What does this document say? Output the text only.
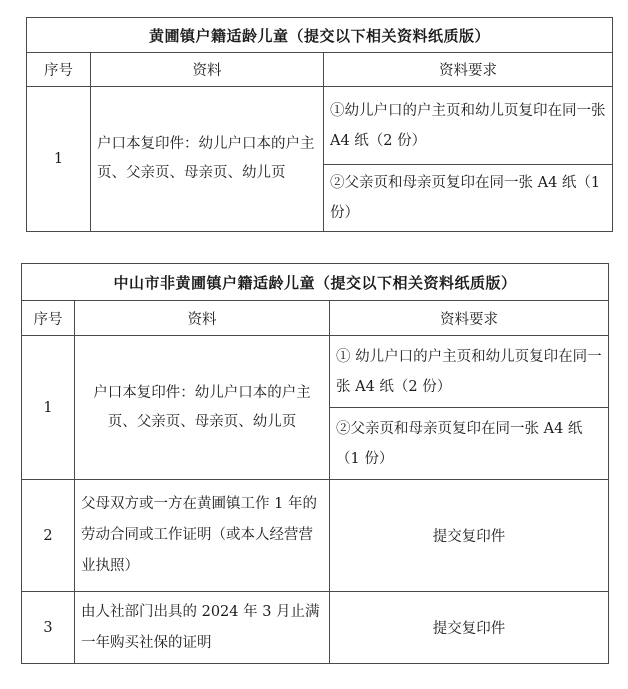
黄圃镇户籍适龄儿童（提交以下相关资料纸质版）		
序号	资料	资料要求
1	户口本复印件：幼儿户口本的户主页、父亲页、母亲页、幼儿页	①幼儿户口的户主页和幼儿页复印在同一张 A4 纸（2 份）
		②父亲页和母亲页复印在同一张 A4 纸（1 份）
中山市非黄圃镇户籍适龄儿童（提交以下相关资料纸质版）		
序号	资料	资料要求
1	户口本复印件：幼儿户口本的户主页、父亲页、母亲页、幼儿页	① 幼儿户口的户主页和幼儿页复印在同一张 A4 纸（2 份）
		②父亲页和母亲页复印在同一张 A4 纸（1 份）
2	父母双方或一方在黄圃镇工作 1 年的劳动合同或工作证明（或本人经营营业执照）	提交复印件
3	由人社部门出具的 2024 年 3 月止满一年购买社保的证明	提交复印件
